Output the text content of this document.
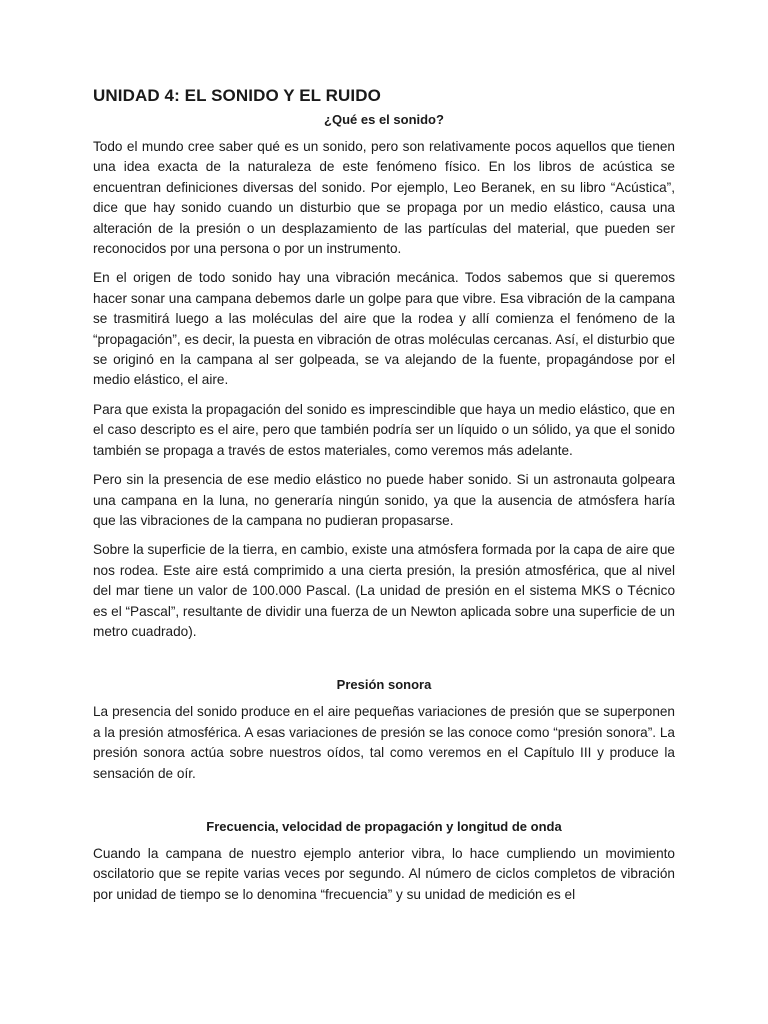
UNIDAD 4: EL SONIDO Y EL RUIDO
¿Qué es el sonido?

Todo el mundo cree saber qué es un sonido, pero son relativamente pocos aquellos que tienen una idea exacta de la naturaleza de este fenómeno físico. En los libros de acústica se encuentran definiciones diversas del sonido. Por ejemplo, Leo Beranek, en su libro “Acústica”, dice que hay sonido cuando un disturbio que se propaga por un medio elástico, causa una alteración de la presión o un desplazamiento de las partículas del material, que pueden ser reconocidos por una persona o por un instrumento.

En el origen de todo sonido hay una vibración mecánica. Todos sabemos que si queremos hacer sonar una campana debemos darle un golpe para que vibre. Esa vibración de la campana se trasmitirá luego a las moléculas del aire que la rodea y allí comienza el fenómeno de la “propagación”, es decir, la puesta en vibración de otras moléculas cercanas. Así, el disturbio que se originó en la campana al ser golpeada, se va alejando de la fuente, propagándose por el medio elástico, el aire.

Para que exista la propagación del sonido es imprescindible que haya un medio elástico, que en el caso descripto es el aire, pero que también podría ser un líquido o un sólido, ya que el sonido también se propaga a través de estos materiales, como veremos más adelante.

Pero sin la presencia de ese medio elástico no puede haber sonido. Si un astronauta golpeara una campana en la luna, no generaría ningún sonido, ya que la ausencia de atmósfera haría que las vibraciones de la campana no pudieran propasarse.

Sobre la superficie de la tierra, en cambio, existe una atmósfera formada por la capa de aire que nos rodea. Este aire está comprimido a una cierta presión, la presión atmosférica, que al nivel del mar tiene un valor de 100.000 Pascal. (La unidad de presión en el sistema MKS o Técnico es el “Pascal”, resultante de dividir una fuerza de un Newton aplicada sobre una superficie de un metro cuadrado).

Presión sonora

La presencia del sonido produce en el aire pequeñas variaciones de presión que se superponen a la presión atmosférica. A esas variaciones de presión se las conoce como “presión sonora”. La presión sonora actúa sobre nuestros oídos, tal como veremos en el Capítulo III y produce la sensación de oír.

Frecuencia, velocidad de propagación y longitud de onda

Cuando la campana de nuestro ejemplo anterior vibra, lo hace cumpliendo un movimiento oscilatorio que se repite varias veces por segundo. Al número de ciclos completos de vibración por unidad de tiempo se lo denomina “frecuencia” y su unidad de medición es el
